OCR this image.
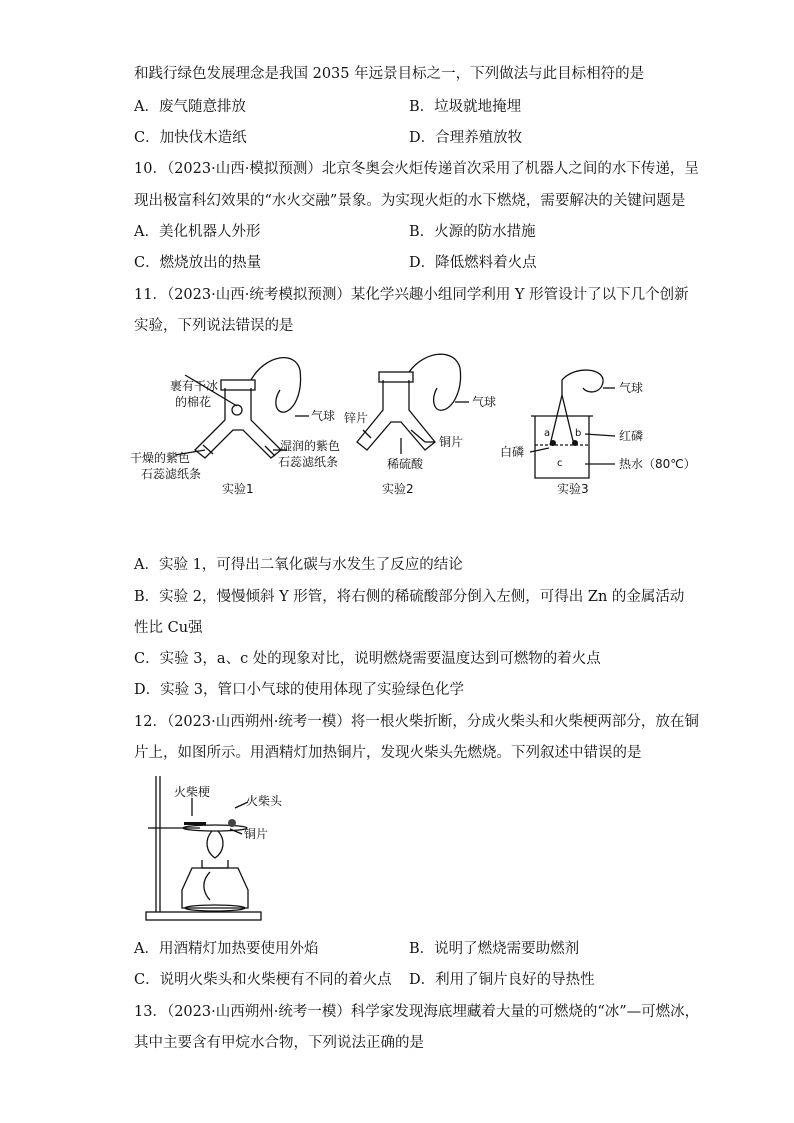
和践行绿色发展理念是我国 2035 年远景目标之一，下列做法与此目标相符的是
A．废气随意排放	B．垃圾就地掩埋
C．加快伐木造纸	D．合理养殖放牧
10．（2023·山西·模拟预测）北京冬奥会火炬传递首次采用了机器人之间的水下传递，呈
现出极富科幻效果的“水火交融”景象。为实现火炬的水下燃烧，需要解决的关键问题是
A．美化机器人外形	B．火源的防水措施
C．燃烧放出的热量	D．降低燃料着火点
11．（2023·山西·统考模拟预测）某化学兴趣小组同学利用 Y 形管设计了以下几个创新
实验，下列说法错误的是
裹有干冰
的棉花
气球
干燥的紫色
石蕊滤纸条
湿润的紫色
石蕊滤纸条
实验1
气球
锌片
铜片
稀硫酸
实验2
a b
c
气球
红磷
白磷
热水（80℃）
实验3
A．实验 1，可得出二氧化碳与水发生了反应的结论
B．实验 2，慢慢倾斜 Y 形管，将右侧的稀硫酸部分倒入左侧，可得出 Zn 的金属活动
性比 Cu强
C．实验 3，a、c 处的现象对比，说明燃烧需要温度达到可燃物的着火点
D．实验 3，管口小气球的使用体现了实验绿色化学
12．（2023·山西朔州·统考一模）将一根火柴折断，分成火柴头和火柴梗两部分，放在铜
片上，如图所示。用酒精灯加热铜片，发现火柴头先燃烧。下列叙述中错误的是
火柴梗
火柴头
铜片
A．用酒精灯加热要使用外焰	B．说明了燃烧需要助燃剂
C．说明火柴头和火柴梗有不同的着火点 D．利用了铜片良好的导热性
13．（2023·山西朔州·统考一模）科学家发现海底埋藏着大量的可燃烧的“冰”—可燃冰，
其中主要含有甲烷水合物，下列说法正确的是
